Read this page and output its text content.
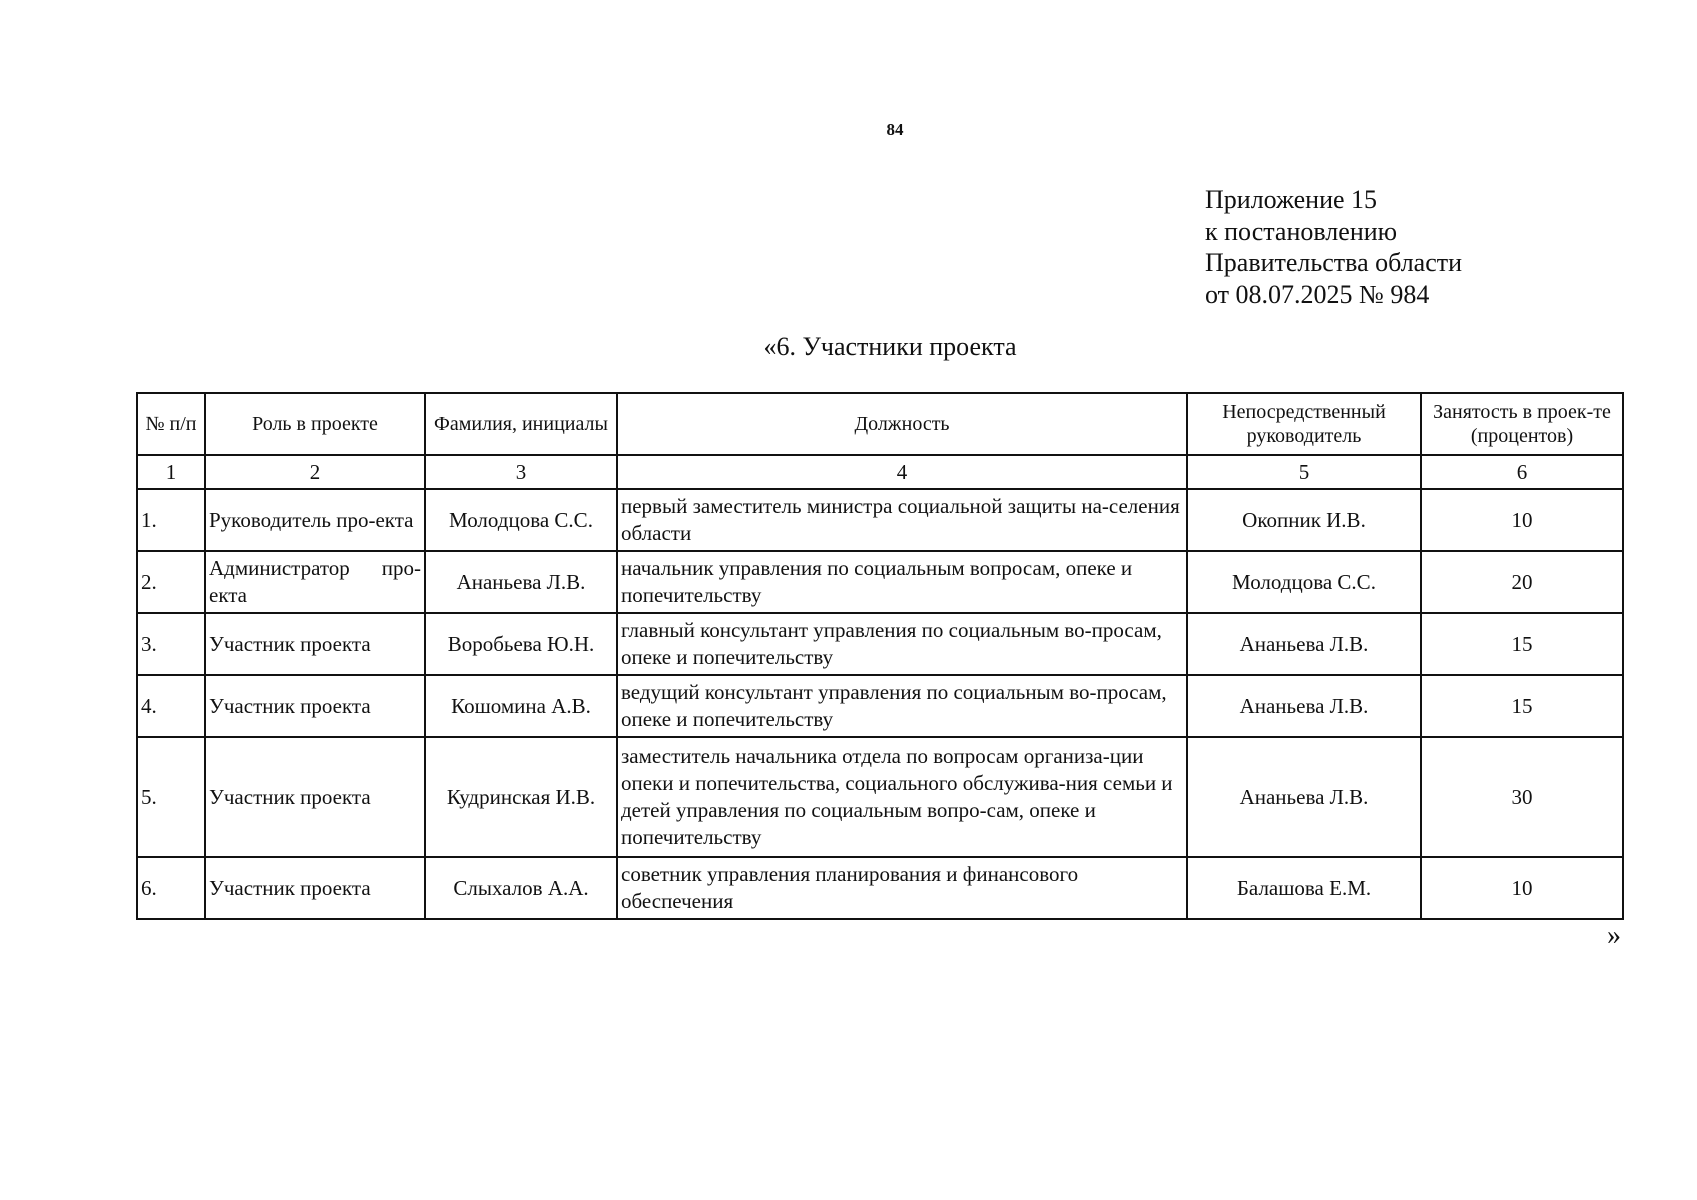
84
Приложение 15
к постановлению
Правительства области
от 08.07.2025 № 984
«6. Участники проекта
№ п/п	Роль в проекте	Фамилия, инициалы	Должность	Непосредственный руководитель	Занятость в проек-те (процентов)
1	2	3	4	5	6
1.	Руководитель про-екта	Молодцова С.С.	первый заместитель министра социальной защиты на-селения области	Окопник И.В.	10
2.	Администратор про-екта	Ананьева Л.В.	начальник управления по социальным вопросам, опеке и попечительству	Молодцова С.С.	20
3.	Участник проекта	Воробьева Ю.Н.	главный консультант управления по социальным во-просам, опеке и попечительству	Ананьева Л.В.	15
4.	Участник проекта	Кошомина А.В.	ведущий консультант управления по социальным во-просам, опеке и попечительству	Ананьева Л.В.	15
5.	Участник проекта	Кудринская И.В.	заместитель начальника отдела по вопросам организа-ции опеки и попечительства, социального обслужива-ния семьи и детей управления по социальным вопро-сам, опеке и попечительству	Ананьева Л.В.	30
6.	Участник проекта	Слыхалов А.А.	советник управления планирования и финансового обеспечения	Балашова Е.М.	10
»
